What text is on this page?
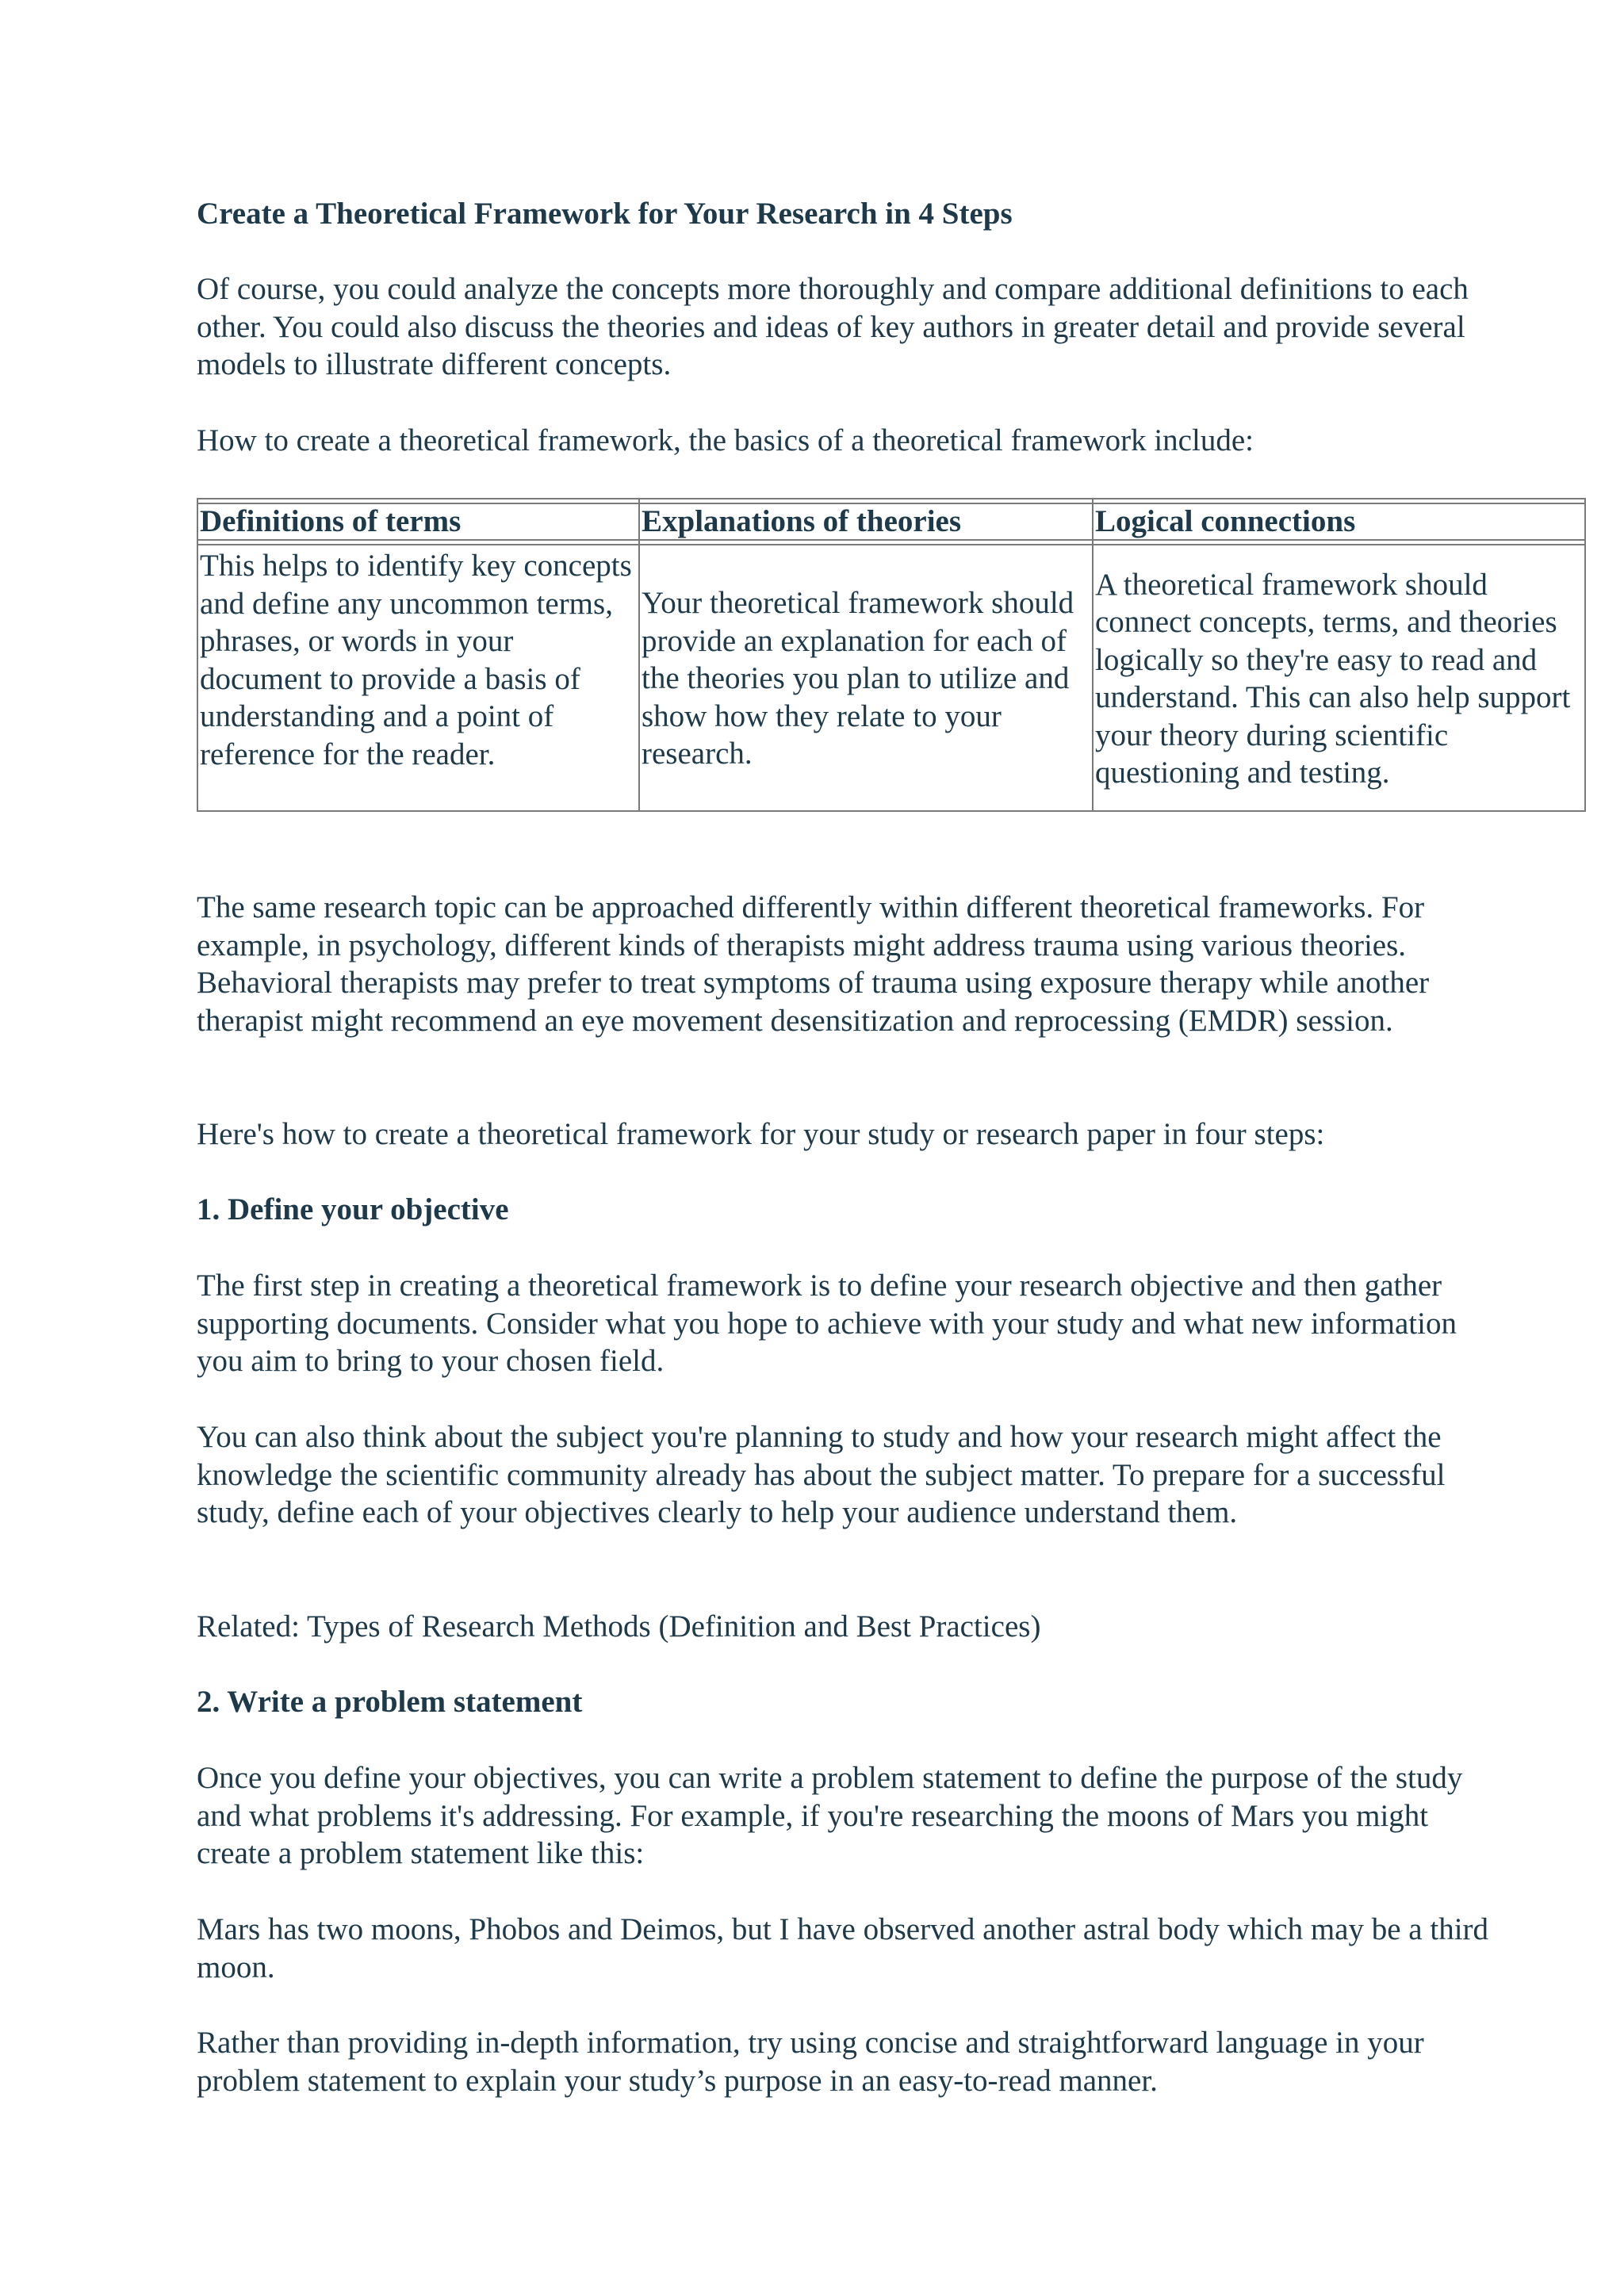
Create a Theoretical Framework for Your Research in 4 Steps

Of course, you could analyze the concepts more thoroughly and compare additional definitions to each other. You could also discuss the theories and ideas of key authors in greater detail and provide several models to illustrate different concepts.

How to create a theoretical framework, the basics of a theoretical framework include:

Definitions of terms	Explanations of theories	Logical connections
This helps to identify key concepts and define any uncommon terms, phrases, or words in your document to provide a basis of understanding and a point of reference for the reader.
Your theoretical framework should provide an explanation for each of the theories you plan to utilize and show how they relate to your research.
A theoretical framework should connect concepts, terms, and theories logically so they're easy to read and understand. This can also help support your theory during scientific questioning and testing.

The same research topic can be approached differently within different theoretical frameworks. For example, in psychology, different kinds of therapists might address trauma using various theories. Behavioral therapists may prefer to treat symptoms of trauma using exposure therapy while another therapist might recommend an eye movement desensitization and reprocessing (EMDR) session.

Here's how to create a theoretical framework for your study or research paper in four steps:

1. Define your objective

The first step in creating a theoretical framework is to define your research objective and then gather supporting documents. Consider what you hope to achieve with your study and what new information you aim to bring to your chosen field.

You can also think about the subject you're planning to study and how your research might affect the knowledge the scientific community already has about the subject matter. To prepare for a successful study, define each of your objectives clearly to help your audience understand them.

Related: Types of Research Methods (Definition and Best Practices)

2. Write a problem statement

Once you define your objectives, you can write a problem statement to define the purpose of the study and what problems it's addressing. For example, if you're researching the moons of Mars you might create a problem statement like this:

Mars has two moons, Phobos and Deimos, but I have observed another astral body which may be a third moon.

Rather than providing in-depth information, try using concise and straightforward language in your problem statement to explain your study’s purpose in an easy-to-read manner.
